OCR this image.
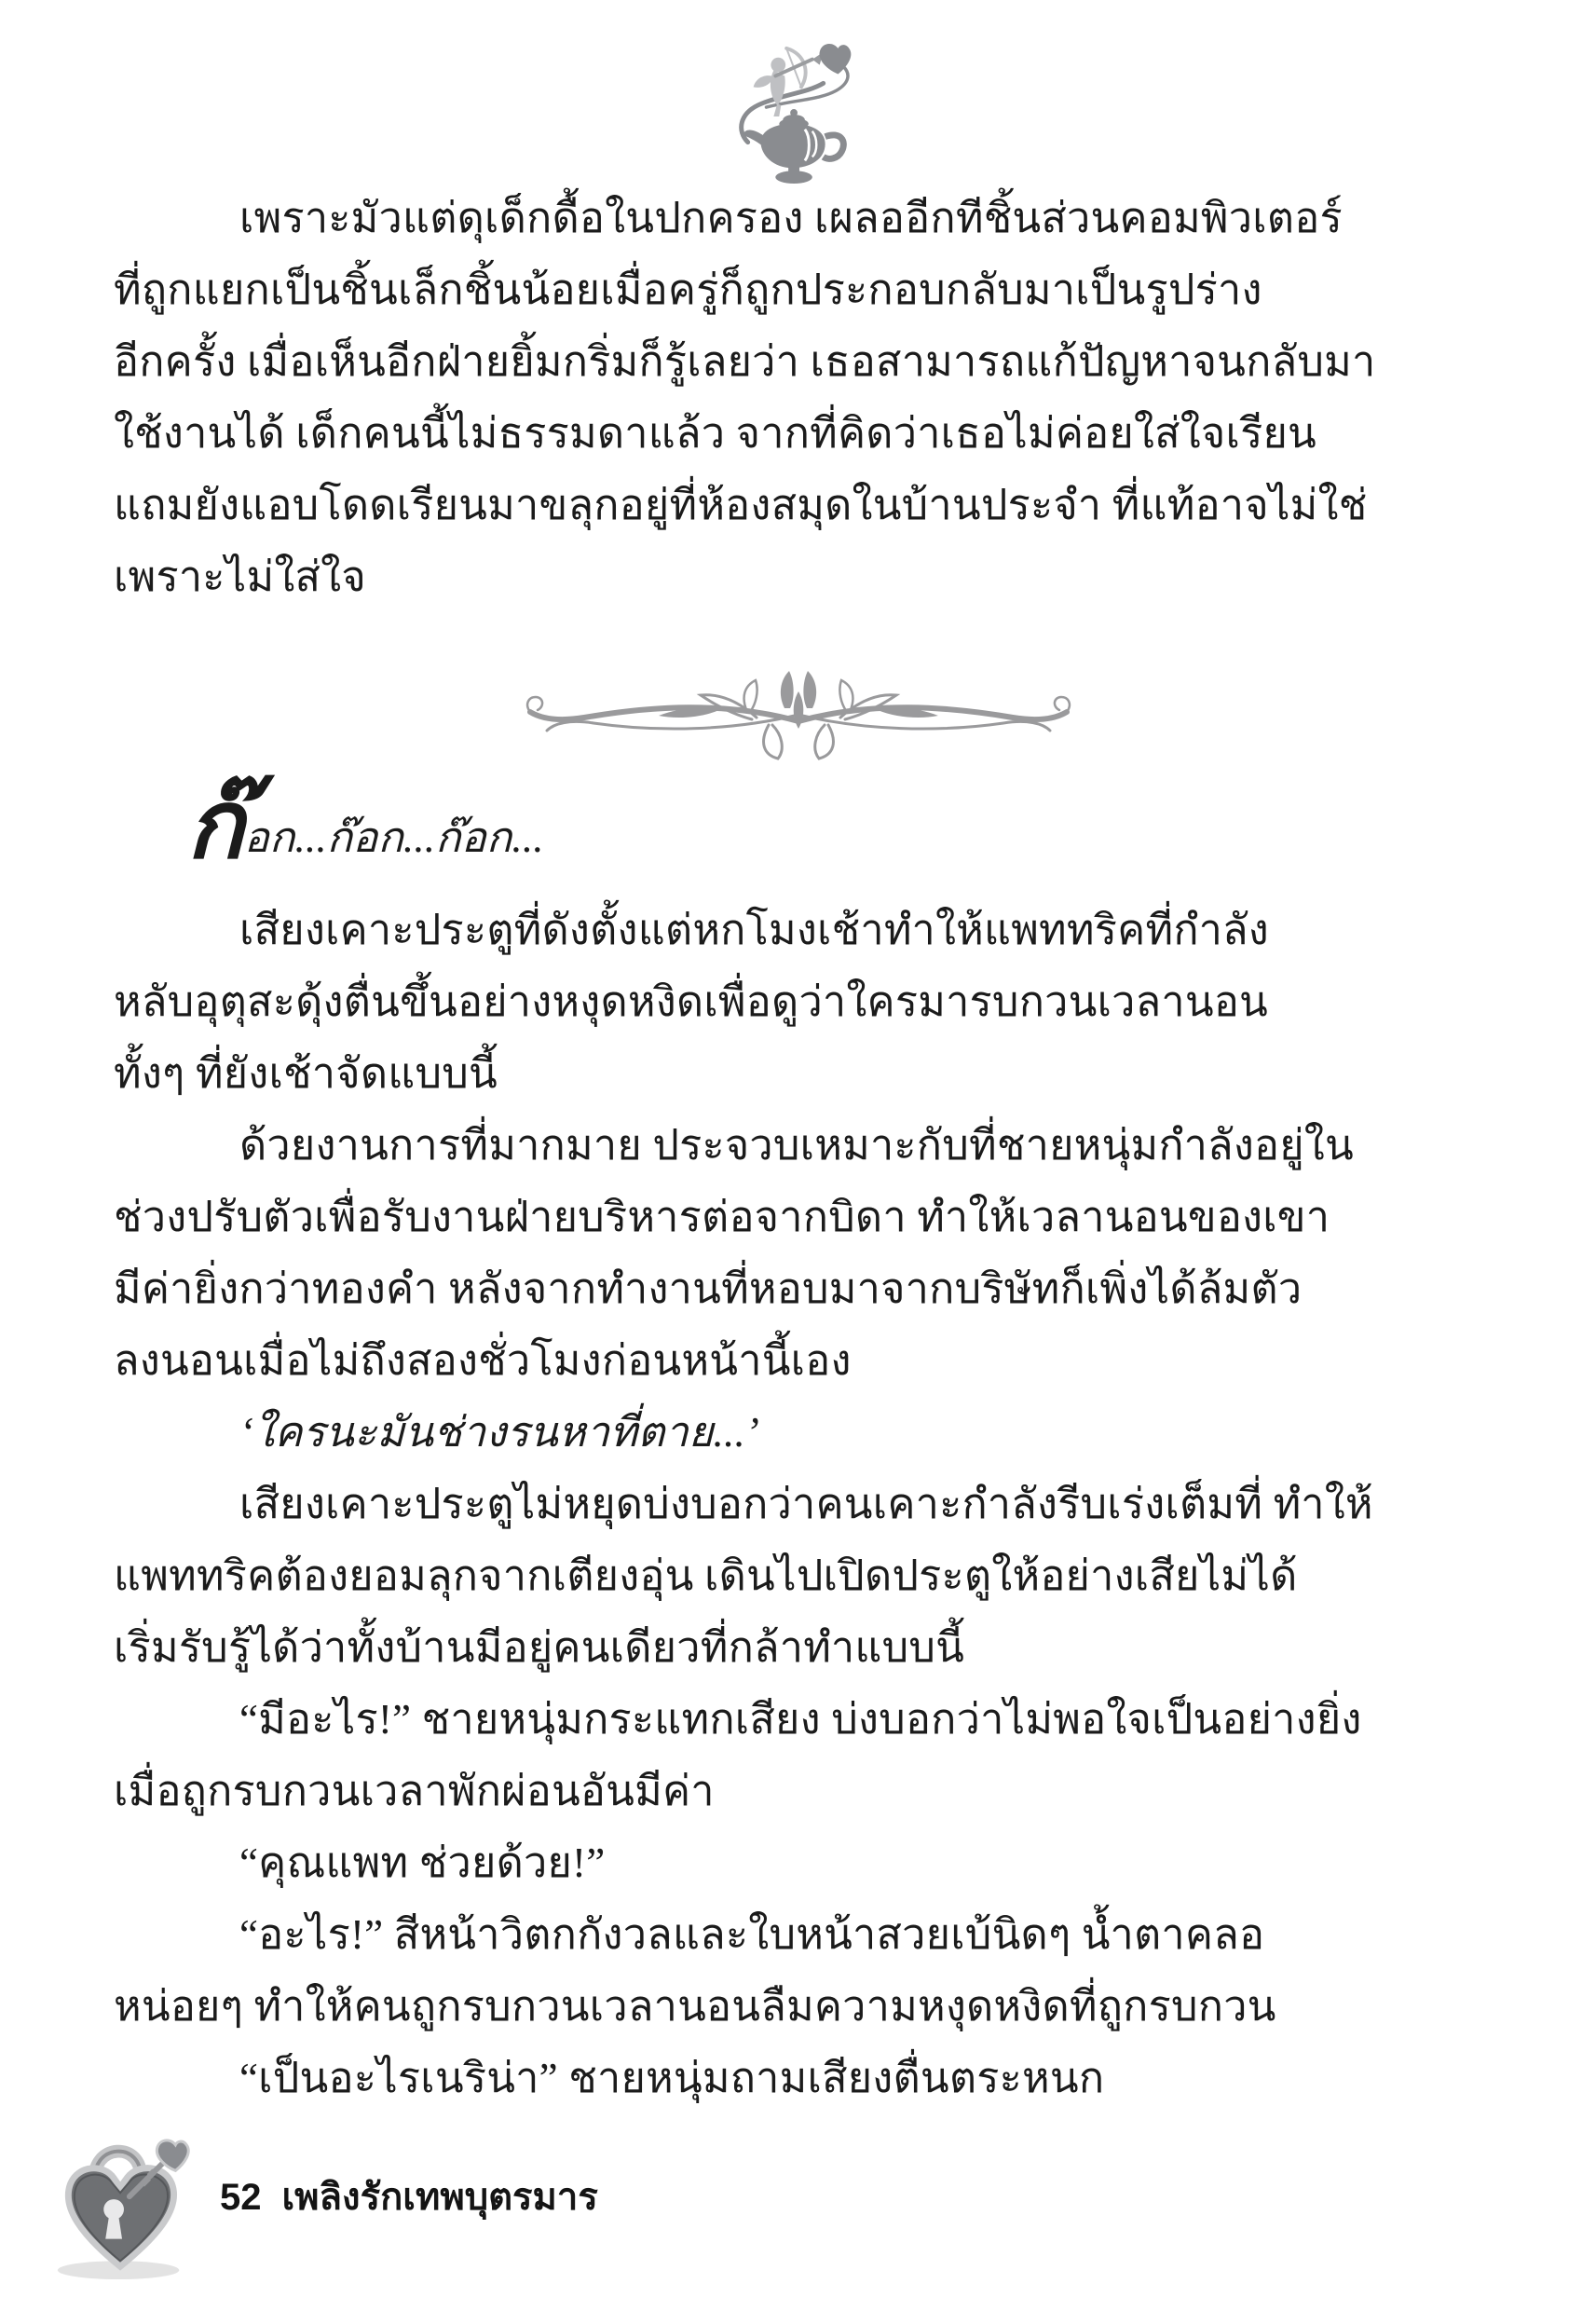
เพราะมัวแต่ดุเด็กดื้อในปกครอง เผลออีกทีชิ้นส่วนคอมพิวเตอร์
ที่ถูกแยกเป็นชิ้นเล็กชิ้นน้อยเมื่อครู่ก็ถูกประกอบกลับมาเป็นรูปร่าง
อีกครั้ง เมื่อเห็นอีกฝ่ายยิ้มกริ่มก็รู้เลยว่า เธอสามารถแก้ปัญหาจนกลับมา
ใช้งานได้ เด็กคนนี้ไม่ธรรมดาแล้ว จากที่คิดว่าเธอไม่ค่อยใส่ใจเรียน
แถมยังแอบโดดเรียนมาขลุกอยู่ที่ห้องสมุดในบ้านประจำ ที่แท้อาจไม่ใช่
เพราะไม่ใส่ใจ
ก๊อก...ก๊อก...ก๊อก...
เสียงเคาะประตูที่ดังตั้งแต่หกโมงเช้าทำให้แพททริคที่กำลัง
หลับอุตุสะดุ้งตื่นขึ้นอย่างหงุดหงิดเพื่อดูว่าใครมารบกวนเวลานอน
ทั้งๆ ที่ยังเช้าจัดแบบนี้
ด้วยงานการที่มากมาย ประจวบเหมาะกับที่ชายหนุ่มกำลังอยู่ใน
ช่วงปรับตัวเพื่อรับงานฝ่ายบริหารต่อจากบิดา ทำให้เวลานอนของเขา
มีค่ายิ่งกว่าทองคำ หลังจากทำงานที่หอบมาจากบริษัทก็เพิ่งได้ล้มตัว
ลงนอนเมื่อไม่ถึงสองชั่วโมงก่อนหน้านี้เอง
‘ใครนะมันช่างรนหาที่ตาย...’
เสียงเคาะประตูไม่หยุดบ่งบอกว่าคนเคาะกำลังรีบเร่งเต็มที่ ทำให้
แพททริคต้องยอมลุกจากเตียงอุ่น เดินไปเปิดประตูให้อย่างเสียไม่ได้
เริ่มรับรู้ได้ว่าทั้งบ้านมีอยู่คนเดียวที่กล้าทำแบบนี้
“มีอะไร!” ชายหนุ่มกระแทกเสียง บ่งบอกว่าไม่พอใจเป็นอย่างยิ่ง
เมื่อถูกรบกวนเวลาพักผ่อนอันมีค่า
“คุณแพท ช่วยด้วย!”
“อะไร!” สีหน้าวิตกกังวลและใบหน้าสวยเบ้นิดๆ น้ำตาคลอ
หน่อยๆ ทำให้คนถูกรบกวนเวลานอนลืมความหงุดหงิดที่ถูกรบกวน
“เป็นอะไรเนริน่า” ชายหนุ่มถามเสียงตื่นตระหนก
52 เพลิงรักเทพบุตรมาร
